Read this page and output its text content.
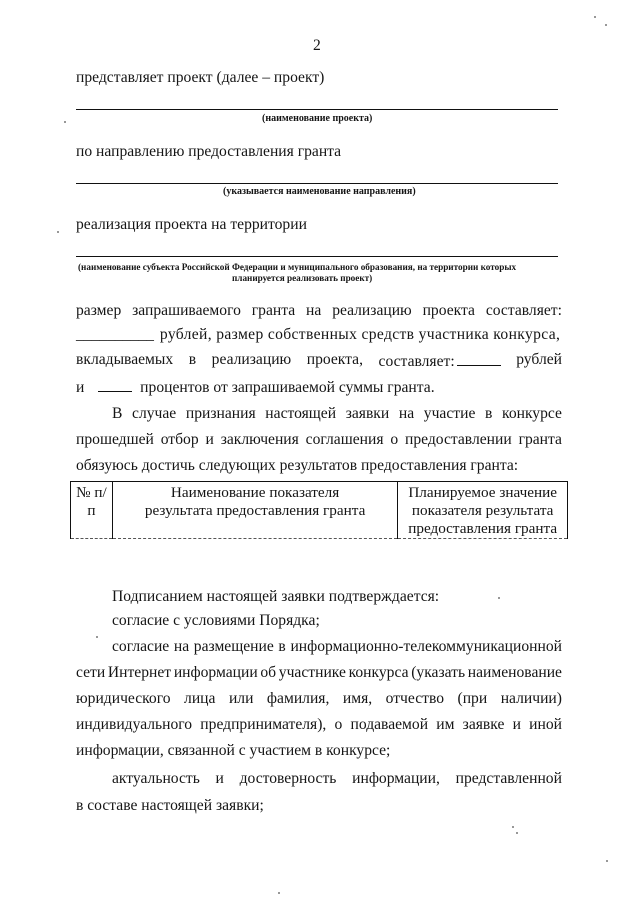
2
представляет проект (далее – проект)
(наименование проекта)
по направлению предоставления гранта
(указывается наименование направления)
реализация проекта на территории
(наименование субъекта Российской Федерации и муниципального образования, на территории которых
планируется реализовать проект)
размер запрашиваемого гранта на реализацию проекта составляет:
__________ рублей, размер собственных средств участника конкурса,
вкладываемых в реализацию проекта, составляет:	рублей
и	процентов от запрашиваемой суммы гранта.
В случае признания настоящей заявки на участие в конкурсе
прошедшей отбор и заключения соглашения о предоставлении гранта
обязуюсь достичь следующих результатов предоставления гранта:
№ п/п	Наименование показателя результата предоставления гранта	Планируемое значение показателя результата предоставления гранта
Подписанием настоящей заявки подтверждается:
согласие с условиями Порядка;
согласие на размещение в информационно-телекоммуникационной
сети Интернет информации об участнике конкурса (указать наименование
юридического лица или фамилия, имя, отчество (при наличии)
индивидуального предпринимателя), о подаваемой им заявке и иной
информации, связанной с участием в конкурсе;
актуальность и достоверность информации, представленной
в составе настоящей заявки;
